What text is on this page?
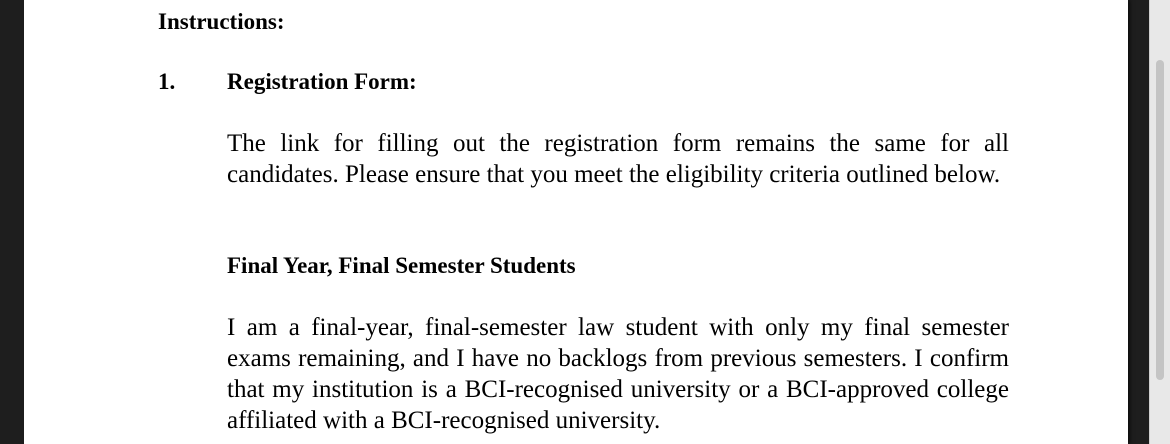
Instructions:
1. Registration Form:
The link for filling out the registration form remains the same for all candidates. Please ensure that you meet the eligibility criteria outlined below.
Final Year, Final Semester Students
I am a final-year, final-semester law student with only my final semester exams remaining, and I have no backlogs from previous semesters. I confirm that my institution is a BCI-recognised university or a BCI-approved college affiliated with a BCI-recognised university.
